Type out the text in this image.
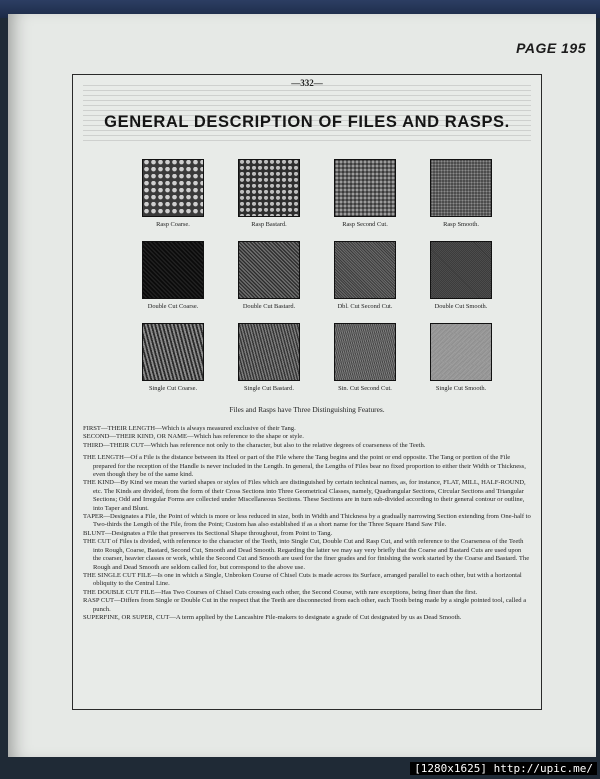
PAGE 195
—332—
GENERAL DESCRIPTION OF FILES AND RASPS.
Rasp Coarse.	Rasp Bastard.	Rasp Second Cut.	Rasp Smooth.
Double Cut Coarse.	Double Cut Bastard.	Dbl. Cut Second Cut.	Double Cut Smooth.
Single Cut Coarse.	Single Cut Bastard.	Sin. Cut Second Cut.	Single Cut Smooth.
Files and Rasps have Three Distinguishing Features.

FIRST—THEIR LENGTH—Which is always measured exclusive of their Tang.

SECOND—THEIR KIND, OR NAME—Which has reference to the shape or style.

THIRD—THEIR CUT—Which has reference not only to the character, but also to the relative degrees of coarseness of the Teeth.

THE LENGTH—Of a File is the distance between its Heel or part of the File where the Tang begins and the point or end opposite. The Tang or portion of the File prepared for the reception of the Handle is never included in the Length. In general, the Lengths of Files bear no fixed proportion to either their Width or Thickness, even though they be of the same kind.

THE KIND—By Kind we mean the varied shapes or styles of Files which are distinguished by certain technical names, as, for instance, FLAT, MILL, HALF-ROUND, etc. The Kinds are divided, from the form of their Cross Sections into Three Geometrical Classes, namely, Quadrangular Sections, Circular Sections and Triangular Sections; Odd and Irregular Forms are collected under Miscellaneous Sections. These Sections are in turn sub-divided according to their general contour or outline, into Taper and Blunt.

TAPER—Designates a File, the Point of which is more or less reduced in size, both in Width and Thickness by a gradually narrowing Section extending from One-half to Two-thirds the Length of the File, from the Point; Custom has also established if as a short name for the Three Square Hand Saw File.

BLUNT—Designates a File that preserves its Sectional Shape throughout, from Point to Tang.

THE CUT of Files is divided, with reference to the character of the Teeth, into Single Cut, Double Cut and Rasp Cut, and with reference to the Coarseness of the Teeth into Rough, Coarse, Bastard, Second Cut, Smooth and Dead Smooth. Regarding the latter we may say very briefly that the Coarse and Bastard Cuts are used upon the coarser, heavier classes or work, while the Second Cut and Smooth are used for the finer grades and for finishing the work started by the Coarse and Bastard. The Rough and Dead Smooth are seldom called for, but correspond to the above use.

THE SINGLE CUT FILE—Is one in which a Single, Unbroken Course of Chisel Cuts is made across its Surface, arranged parallel to each other, but with a horizontal obliquity to the Central Line.

THE DOUBLE CUT FILE—Has Two Courses of Chisel Cuts crossing each other, the Second Course, with rare exceptions, being finer than the first.

RASP CUT—Differs from Single or Double Cut in the respect that the Teeth are disconnected from each other, each Tooth being made by a single pointed tool, called a punch.

SUPERFINE, OR SUPER, CUT—A term applied by the Lancashire File-makers to designate a grade of Cut designated by us as Dead Smooth.

[1280x1625] http://upic.me/
